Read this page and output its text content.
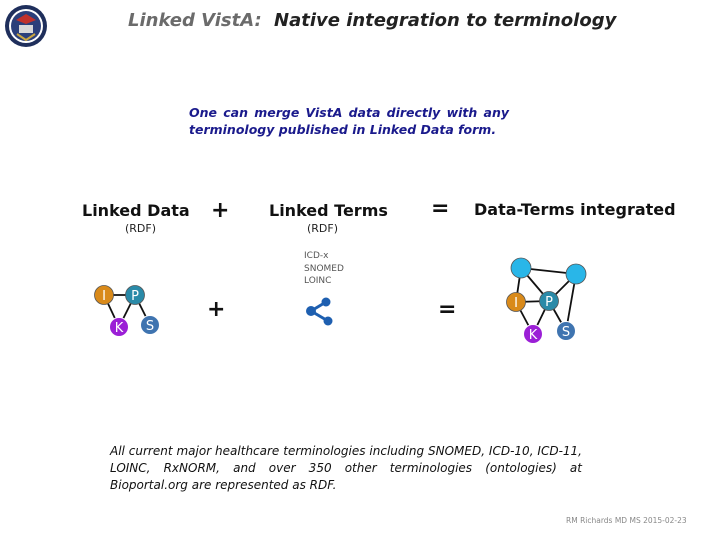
Linked VistA: Native integration to terminology
One can merge VistA data directly with any terminology published in Linked Data form.
Linked Data
(RDF)
+ Linked Terms
(RDF)
= Data-Terms integrated
ICD-x
SNOMED
LOINC
I P
K S
+	=	I P
K S
All current major healthcare terminologies including SNOMED, ICD-10, ICD-11, LOINC, RxNORM, and over 350 other terminologies (ontologies) at Bioportal.org are represented as RDF.
RM Richards MD MS 2015-02-23
